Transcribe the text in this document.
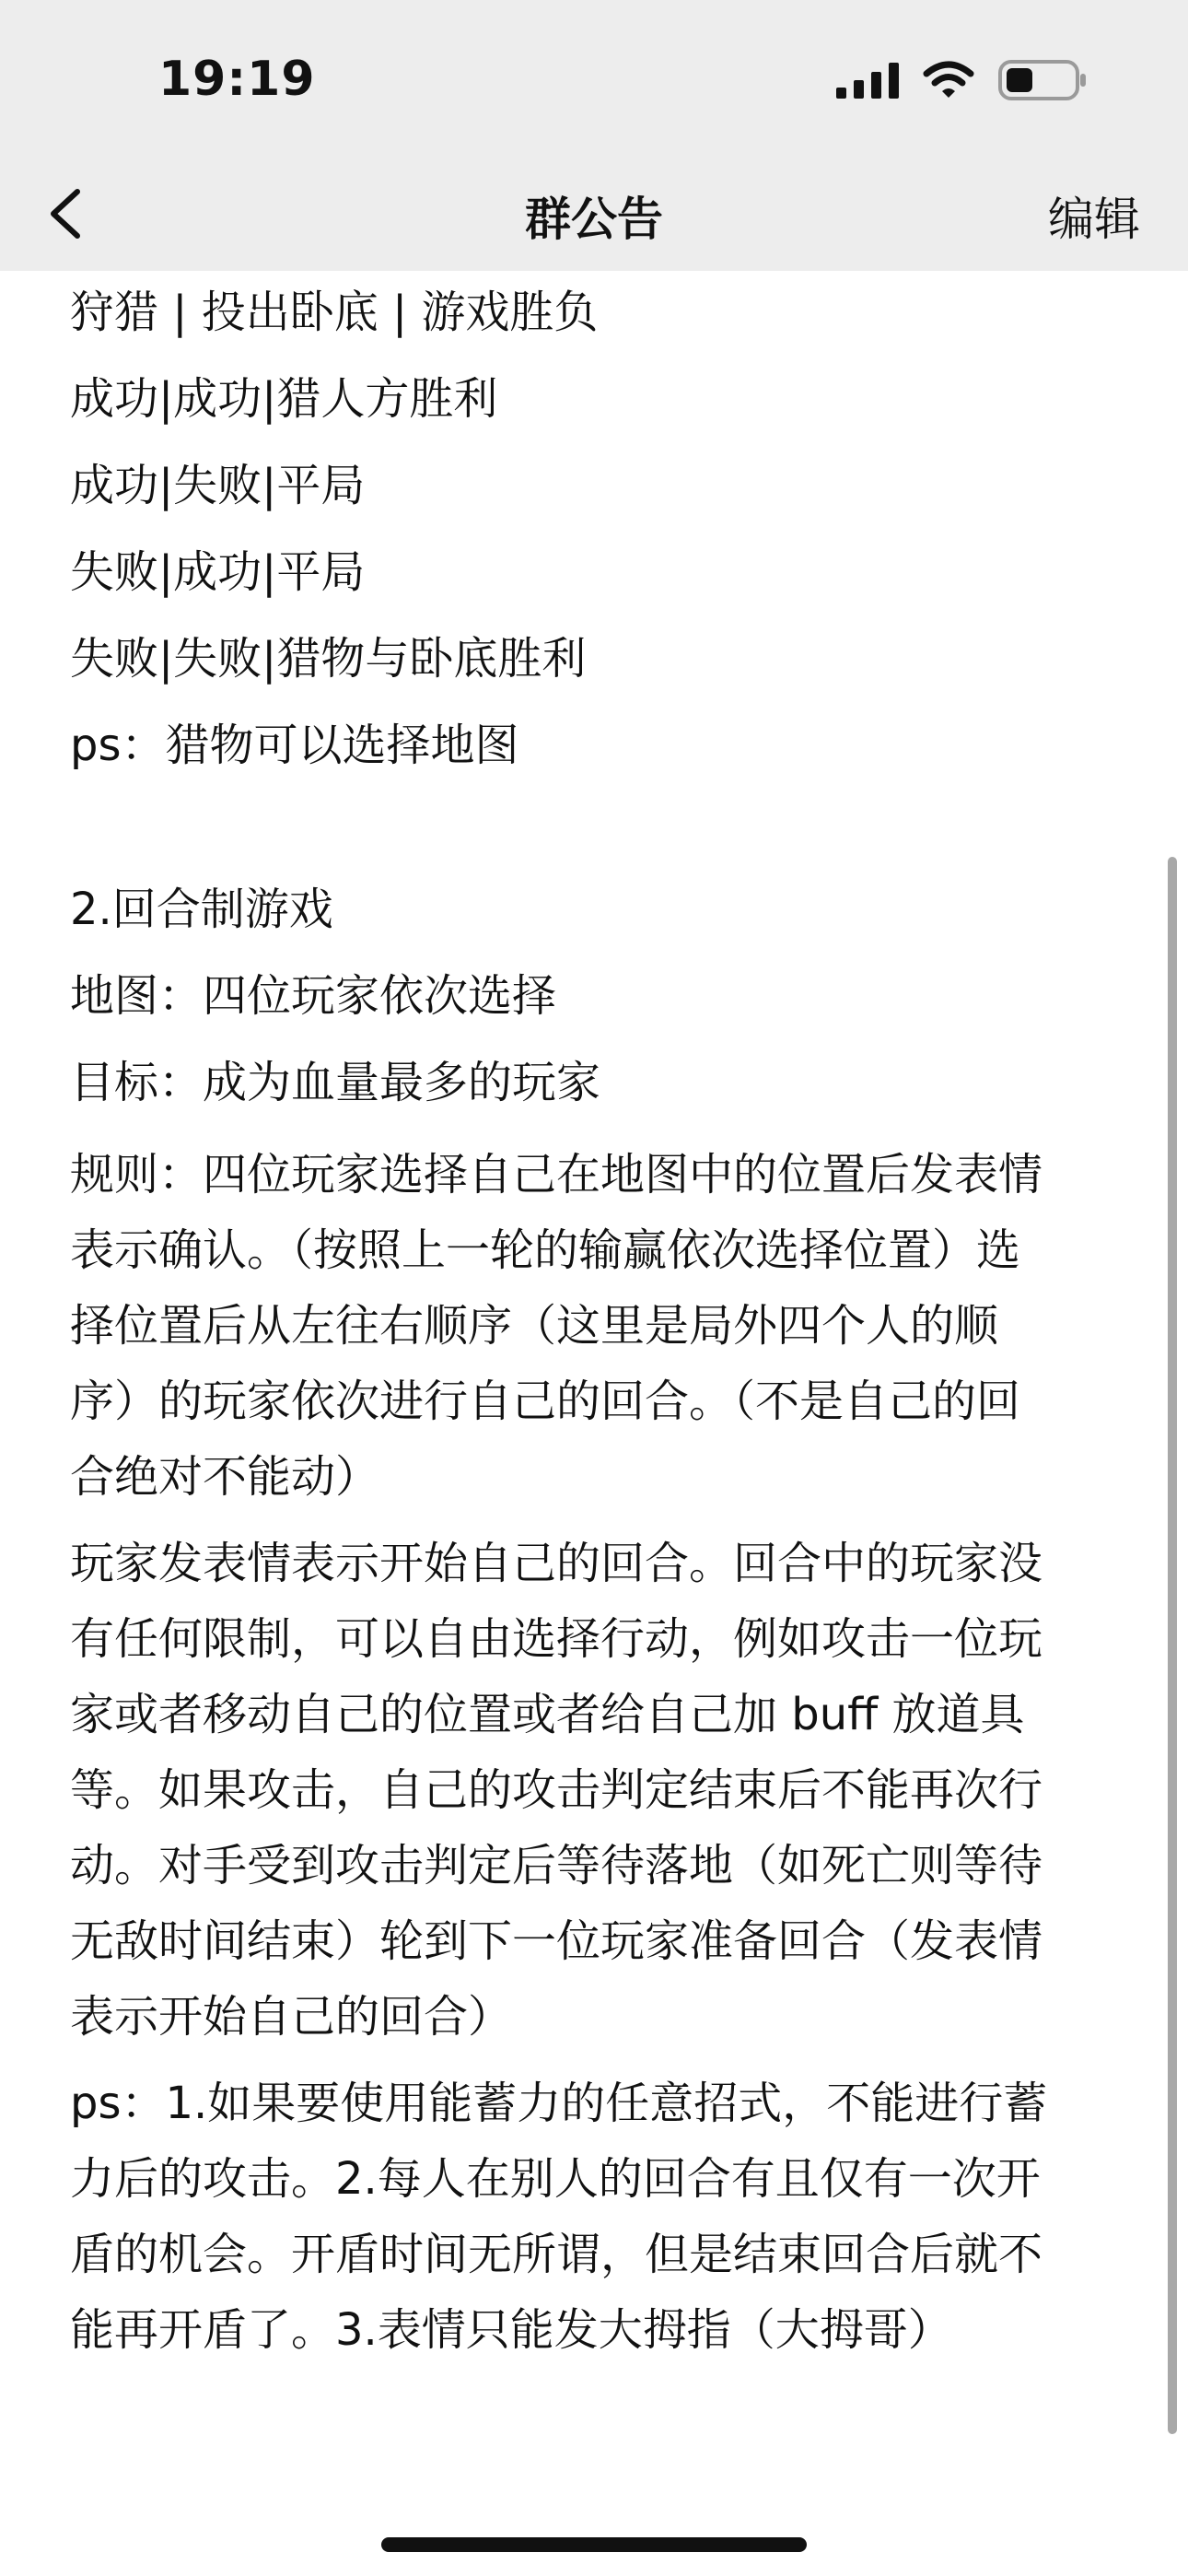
19:19
群公告	编辑
狩猎 | 投出卧底 | 游戏胜负
成功|成功|猎人方胜利
成功|失败|平局
失败|成功|平局
失败|失败|猎物与卧底胜利
ps：猎物可以选择地图
2.回合制游戏
地图：四位玩家依次选择
目标：成为血量最多的玩家
规则：四位玩家选择自己在地图中的位置后发表情
表示确认。（按照上一轮的输赢依次选择位置）选
择位置后从左往右顺序（这里是局外四个人的顺
序）的玩家依次进行自己的回合。（不是自己的回
合绝对不能动）
玩家发表情表示开始自己的回合。回合中的玩家没
有任何限制，可以自由选择行动，例如攻击一位玩
家或者移动自己的位置或者给自己加 buff 放道具
等。如果攻击，自己的攻击判定结束后不能再次行
动。对手受到攻击判定后等待落地（如死亡则等待
无敌时间结束）轮到下一位玩家准备回合（发表情
表示开始自己的回合）
ps：1.如果要使用能蓄力的任意招式，不能进行蓄
力后的攻击。2.每人在别人的回合有且仅有一次开
盾的机会。开盾时间无所谓，但是结束回合后就不
能再开盾了。3.表情只能发大拇指（大拇哥）
